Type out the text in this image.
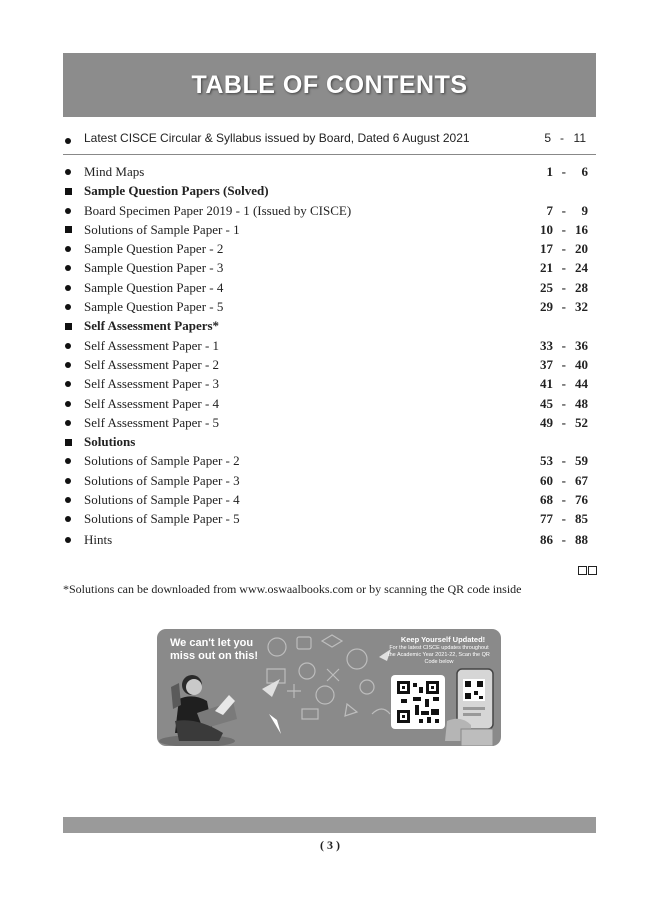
TABLE OF CONTENTS
Latest CISCE Circular & Syllabus issued by Board, Dated 6 August 2021	5 - 11
Mind Maps	1 - 6
Sample Question Papers (Solved)
Board Specimen Paper 2019 - 1 (Issued by CISCE)	7 - 9
Solutions of Sample Paper - 1	10 - 16
Sample Question Paper - 2	17 - 20
Sample Question Paper - 3	21 - 24
Sample Question Paper - 4	25 - 28
Sample Question Paper - 5	29 - 32
Self Assessment Papers*
Self Assessment Paper - 1	33 - 36
Self Assessment Paper - 2	37 - 40
Self Assessment Paper - 3	41 - 44
Self Assessment Paper - 4	45 - 48
Self Assessment Paper - 5	49 - 52
Solutions
Solutions of Sample Paper - 2	53 - 59
Solutions of Sample Paper - 3	60 - 67
Solutions of Sample Paper - 4	68 - 76
Solutions of Sample Paper - 5	77 - 85
Hints	86 - 88
*Solutions can be downloaded from www.oswaalbooks.com or by scanning the QR code inside
We can't let you miss out on this!
Keep Yourself Updated!
For the latest CISCE updates throughout the Academic Year 2021-22, Scan the QR Code below
( 3 )
